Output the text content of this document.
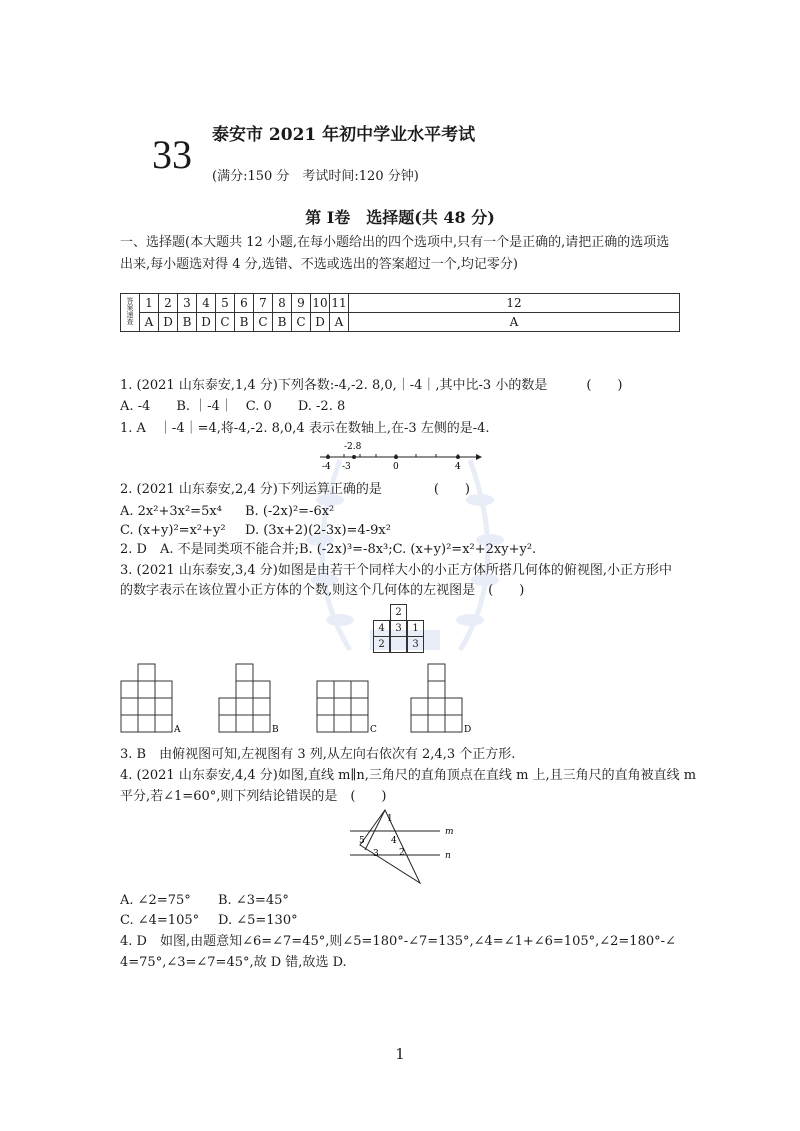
33 泰安市 2021 年初中学业水平考试
(满分:150 分　考试时间:120 分钟)
第 Ⅰ卷　选择题(共 48 分)
一、选择题(本大题共 12 小题,在每小题给出的四个选项中,只有一个是正确的,请把正确的选项选出来,每小题选对得 4 分,选错、不选或选出的答案超过一个,均记零分)
答案速查	1	2	3	4	5	6	7	8	9	10	11	12
	A	D	B	D	C	B	C	B	C	D	A	A
1. (2021 山东泰安,1,4 分)下列各数:-4,-2. 8,0,｜-4｜,其中比-3 小的数是　　　(　　)
A. -4　　B. ｜-4｜　C. 0　　D. -2. 8
1. A　｜-4｜=4,将-4,-2. 8,0,4 表示在数轴上,在-3 左侧的是-4.
-2.8
-4 -3	0	4
2. (2021 山东泰安,2,4 分)下列运算正确的是　　　　(　　)
A. 2x²+3x²=5x⁴ B. (-2x)²=-6x²
C. (x+y)²=x²+y² D. (3x+2)(2-3x)=4-9x²
2. D　A. 不是同类项不能合并;B. (-2x)³=-8x³;C. (x+y)²=x²+2xy+y².
3. (2021 山东泰安,3,4 分)如图是由若干个同样大小的小正方体所搭几何体的俯视图,小正方形中
的数字表示在该位置小正方体的个数,则这个几何体的左视图是　(　　)
2
4	3	1
2	3
A	B	C	D
3. B　由俯视图可知,左视图有 3 列,从左向右依次有 2,4,3 个正方形.
4. (2021 山东泰安,4,4 分)如图,直线 m∥n,三角尺的直角顶点在直线 m 上,且三角尺的直角被直线 m
平分,若∠1=60°,则下列结论错误的是　(　　)
m
n
1
2
3
4
5
A. ∠2=75° B. ∠3=45°
C. ∠4=105° D. ∠5=130°
4. D　如图,由题意知∠6=∠7=45°,则∠5=180°-∠7=135°,∠4=∠1+∠6=105°,∠2=180°-∠
4=75°,∠3=∠7=45°,故 D 错,故选 D.
1
